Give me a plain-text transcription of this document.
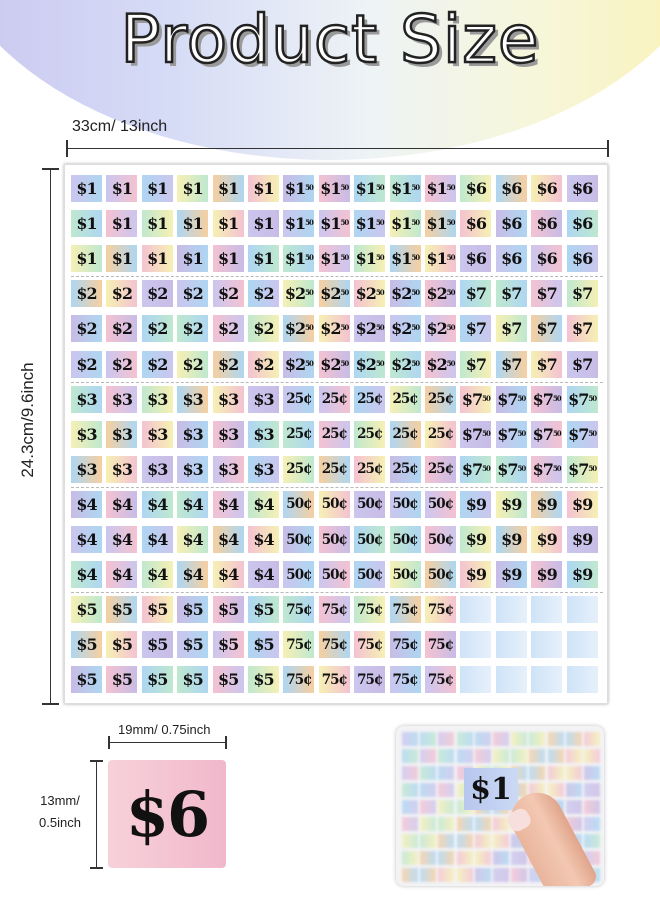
Product Size
33cm/ 13inch
24.3cm/9.6inch
$1 $1 $1 $1 $1 $1 $\$1^{50}$ $\$1^{50}$ $\$1^{50}$ $\$1^{50}$ $\$1^{50}$ $6 $6 $6 $6
$1 $1 $1 $1 $1 $1 $\$1^{50}$ $\$1^{50}$ $\$1^{50}$ $\$1^{50}$ $\$1^{50}$ $6 $6 $6 $6
$1 $1 $1 $1 $1 $1 $\$1^{50}$ $\$1^{50}$ $\$1^{50}$ $\$1^{50}$ $\$1^{50}$ $6 $6 $6 $6
$2 $2 $2 $2 $2 $2 $\$2^{50}$ $\$2^{50}$ $\$2^{50}$ $\$2^{50}$ $\$2^{50}$ $7 $7 $7 $7
$2 $2 $2 $2 $2 $2 $\$2^{50}$ $\$2^{50}$ $\$2^{50}$ $\$2^{50}$ $\$2^{50}$ $7 $7 $7 $7
$2 $2 $2 $2 $2 $2 $\$2^{50}$ $\$2^{50}$ $\$2^{50}$ $\$2^{50}$ $\$2^{50}$ $7 $7 $7 $7
$3 $3 $3 $3 $3 $3 25¢ 25¢ 25¢ 25¢ 25¢ $\$7^{50}$ $\$7^{50}$ $\$7^{50}$ $\$7^{50}$
$3 $3 $3 $3 $3 $3 25¢ 25¢ 25¢ 25¢ 25¢ $\$7^{50}$ $\$7^{50}$ $\$7^{50}$ $\$7^{50}$
$3 $3 $3 $3 $3 $3 25¢ 25¢ 25¢ 25¢ 25¢ $\$7^{50}$ $\$7^{50}$ $\$7^{50}$ $\$7^{50}$
$4 $4 $4 $4 $4 $4 50¢ 50¢ 50¢ 50¢ 50¢ $9 $9 $9 $9
$4 $4 $4 $4 $4 $4 50¢ 50¢ 50¢ 50¢ 50¢ $9 $9 $9 $9
$4 $4 $4 $4 $4 $4 50¢ 50¢ 50¢ 50¢ 50¢ $9 $9 $9 $9
$5 $5 $5 $5 $5 $5 75¢ 75¢ 75¢ 75¢ 75¢
$5 $5 $5 $5 $5 $5 75¢ 75¢ 75¢ 75¢ 75¢
$5 $5 $5 $5 $5 $5 75¢ 75¢ 75¢ 75¢ 75¢
19mm/ 0.75inch
13mm/
0.5inch $6	$1
